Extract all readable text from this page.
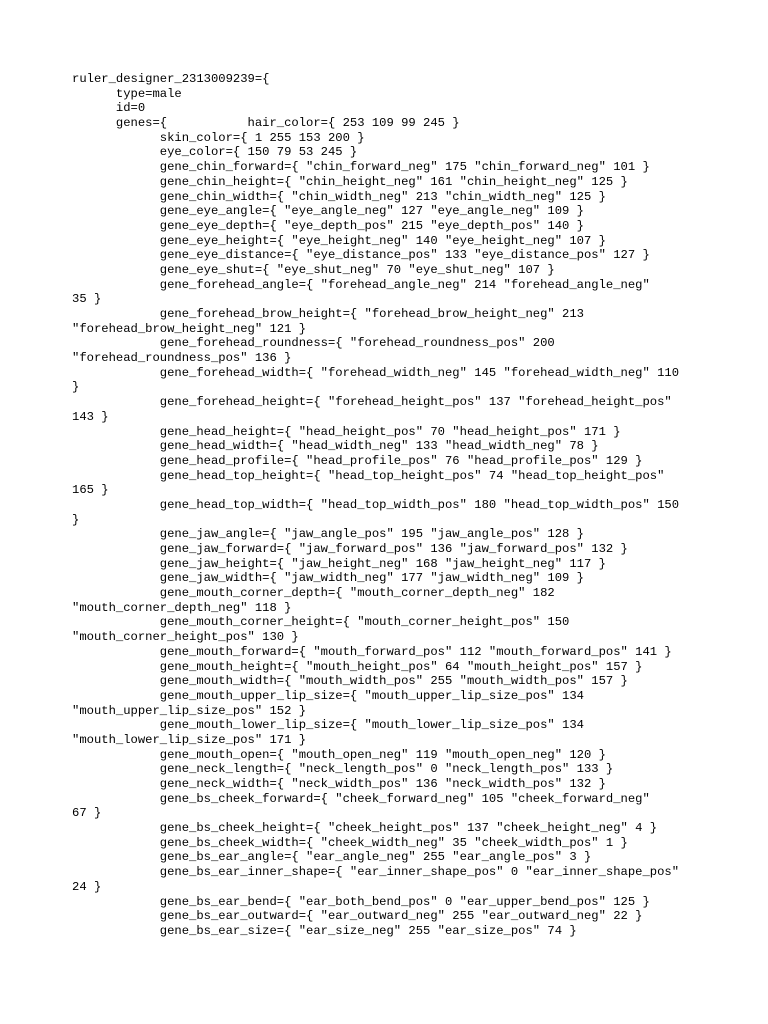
ruler_designer_2313009239={
type=male
id=0
genes={           hair_color={ 253 109 99 245 }
skin_color={ 1 255 153 200 }
eye_color={ 150 79 53 245 }
gene_chin_forward={ "chin_forward_neg" 175 "chin_forward_neg" 101 }
gene_chin_height={ "chin_height_neg" 161 "chin_height_neg" 125 }
gene_chin_width={ "chin_width_neg" 213 "chin_width_neg" 125 }
gene_eye_angle={ "eye_angle_neg" 127 "eye_angle_neg" 109 }
gene_eye_depth={ "eye_depth_pos" 215 "eye_depth_pos" 140 }
gene_eye_height={ "eye_height_neg" 140 "eye_height_neg" 107 }
gene_eye_distance={ "eye_distance_pos" 133 "eye_distance_pos" 127 }
gene_eye_shut={ "eye_shut_neg" 70 "eye_shut_neg" 107 }
gene_forehead_angle={ "forehead_angle_neg" 214 "forehead_angle_neg"
35 }
gene_forehead_brow_height={ "forehead_brow_height_neg" 213
"forehead_brow_height_neg" 121 }
gene_forehead_roundness={ "forehead_roundness_pos" 200
"forehead_roundness_pos" 136 }
gene_forehead_width={ "forehead_width_neg" 145 "forehead_width_neg" 110
}
gene_forehead_height={ "forehead_height_pos" 137 "forehead_height_pos"
143 }
gene_head_height={ "head_height_pos" 70 "head_height_pos" 171 }
gene_head_width={ "head_width_neg" 133 "head_width_neg" 78 }
gene_head_profile={ "head_profile_pos" 76 "head_profile_pos" 129 }
gene_head_top_height={ "head_top_height_pos" 74 "head_top_height_pos"
165 }
gene_head_top_width={ "head_top_width_pos" 180 "head_top_width_pos" 150
}
gene_jaw_angle={ "jaw_angle_pos" 195 "jaw_angle_pos" 128 }
gene_jaw_forward={ "jaw_forward_pos" 136 "jaw_forward_pos" 132 }
gene_jaw_height={ "jaw_height_neg" 168 "jaw_height_neg" 117 }
gene_jaw_width={ "jaw_width_neg" 177 "jaw_width_neg" 109 }
gene_mouth_corner_depth={ "mouth_corner_depth_neg" 182
"mouth_corner_depth_neg" 118 }
gene_mouth_corner_height={ "mouth_corner_height_pos" 150
"mouth_corner_height_pos" 130 }
gene_mouth_forward={ "mouth_forward_pos" 112 "mouth_forward_pos" 141 }
gene_mouth_height={ "mouth_height_pos" 64 "mouth_height_pos" 157 }
gene_mouth_width={ "mouth_width_pos" 255 "mouth_width_pos" 157 }
gene_mouth_upper_lip_size={ "mouth_upper_lip_size_pos" 134
"mouth_upper_lip_size_pos" 152 }
gene_mouth_lower_lip_size={ "mouth_lower_lip_size_pos" 134
"mouth_lower_lip_size_pos" 171 }
gene_mouth_open={ "mouth_open_neg" 119 "mouth_open_neg" 120 }
gene_neck_length={ "neck_length_pos" 0 "neck_length_pos" 133 }
gene_neck_width={ "neck_width_pos" 136 "neck_width_pos" 132 }
gene_bs_cheek_forward={ "cheek_forward_neg" 105 "cheek_forward_neg"
67 }
gene_bs_cheek_height={ "cheek_height_pos" 137 "cheek_height_neg" 4 }
gene_bs_cheek_width={ "cheek_width_neg" 35 "cheek_width_pos" 1 }
gene_bs_ear_angle={ "ear_angle_neg" 255 "ear_angle_pos" 3 }
gene_bs_ear_inner_shape={ "ear_inner_shape_pos" 0 "ear_inner_shape_pos"
24 }
gene_bs_ear_bend={ "ear_both_bend_pos" 0 "ear_upper_bend_pos" 125 }
gene_bs_ear_outward={ "ear_outward_neg" 255 "ear_outward_neg" 22 }
gene_bs_ear_size={ "ear_size_neg" 255 "ear_size_pos" 74 }
